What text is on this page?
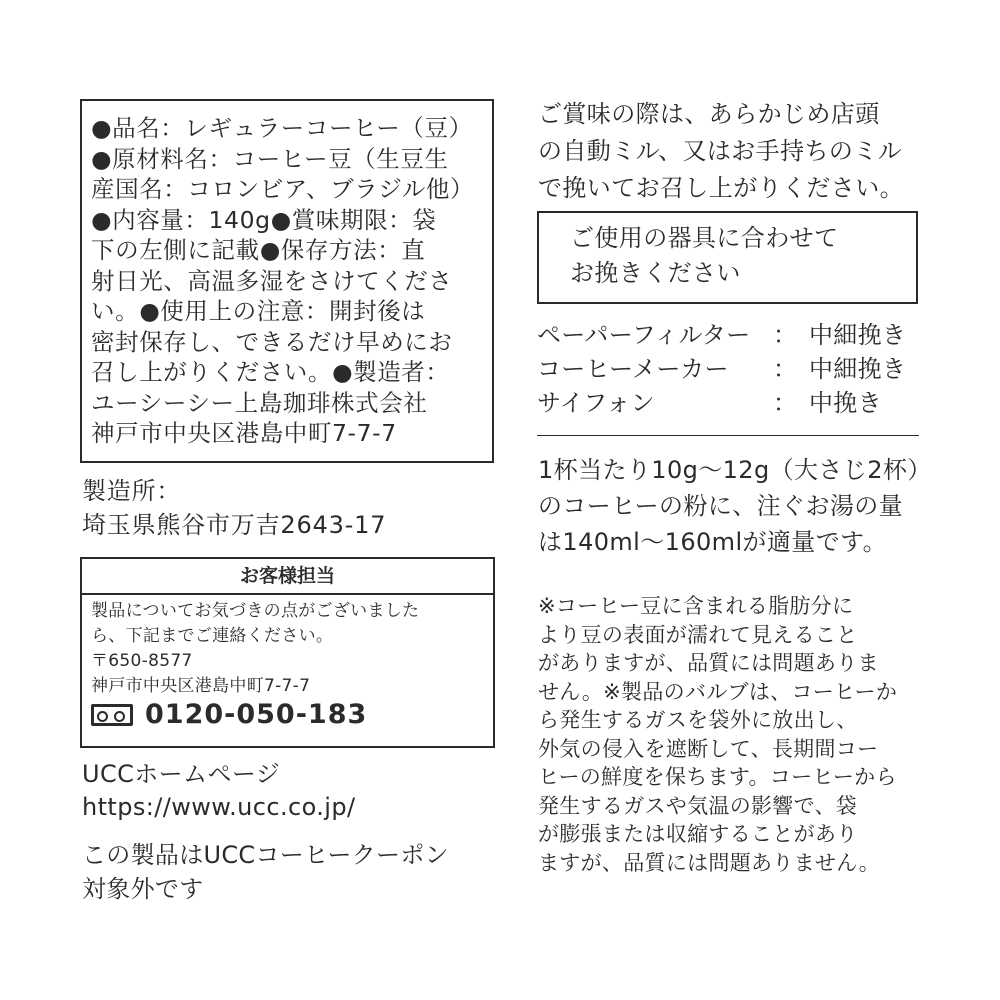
●品名：レギュラーコーヒー（豆）
●原材料名：コーヒー豆（生豆生
産国名：コロンビア、ブラジル他）
●内容量：140g●賞味期限：袋
下の左側に記載●保存方法：直
射日光、高温多湿をさけてくださ
い。●使用上の注意：開封後は
密封保存し、できるだけ早めにお
召し上がりください。●製造者：
ユーシーシー上島珈琲株式会社
神戸市中央区港島中町7-7-7
製造所：
埼玉県熊谷市万吉2643-17
お客様担当
製品についてお気づきの点がございました
ら、下記までご連絡ください。
〒650-8577
神戸市中央区港島中町7-7-7
0120-050-183
UCCホームページ
https://www.ucc.co.jp/
この製品はUCCコーヒークーポン
対象外です
ご賞味の際は、あらかじめ店頭
の自動ミル、又はお手持ちのミル
で挽いてお召し上がりください。
ご使用の器具に合わせて
お挽きください
ペーパーフィルター ： 中細挽き
コーヒーメーカー	： 中細挽き
サイフォン	： 中挽き
1杯当たり10g～12g（大さじ2杯）
のコーヒーの粉に、注ぐお湯の量
は140ml～160mlが適量です。
※コーヒー豆に含まれる脂肪分に
より豆の表面が濡れて見えること
がありますが、品質には問題ありま
せん。※製品のバルブは、コーヒーか
ら発生するガスを袋外に放出し、
外気の侵入を遮断して、長期間コー
ヒーの鮮度を保ちます。コーヒーから
発生するガスや気温の影響で、袋
が膨張または収縮することがあり
ますが、品質には問題ありません。
